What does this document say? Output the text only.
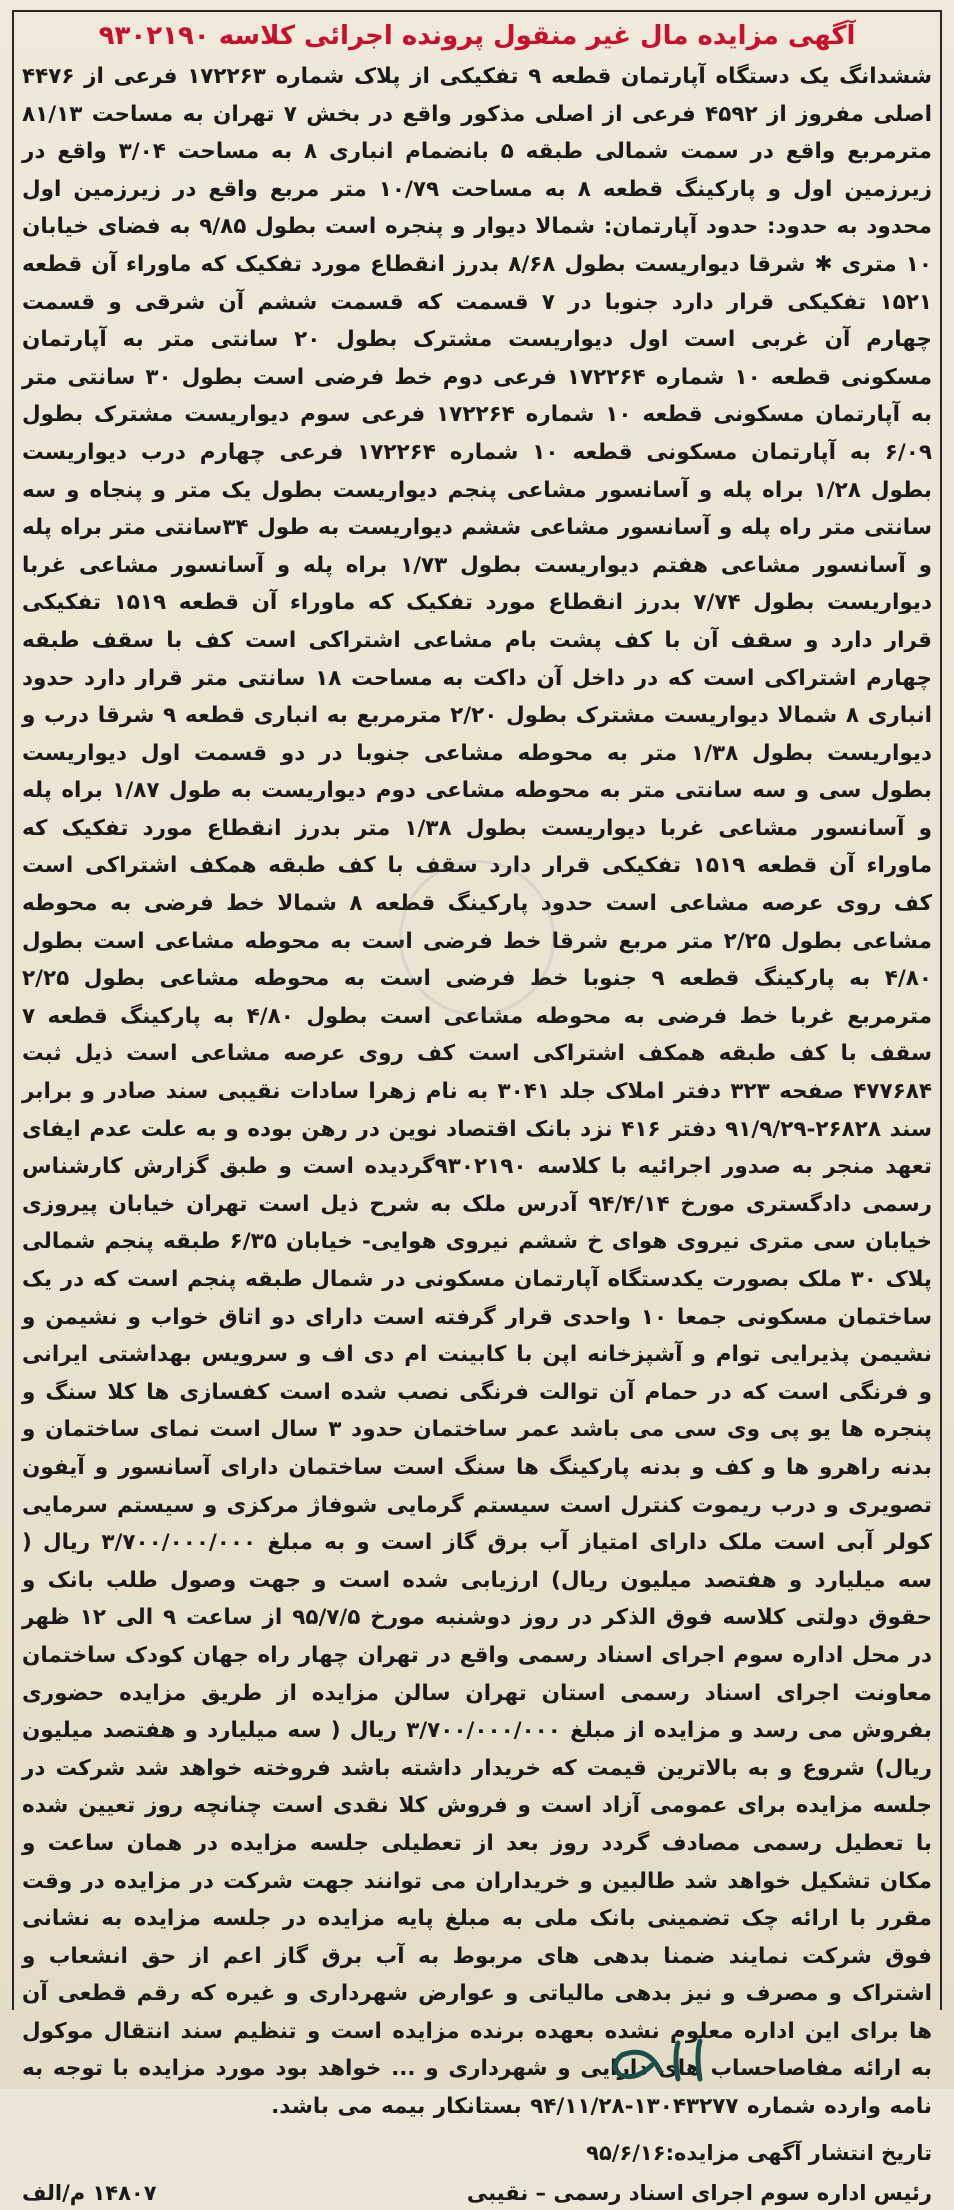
آگهی مزایده مال غیر منقول پرونده اجرائی کلاسه ۹۳۰۲۱۹۰

ششدانگ یک دستگاه آپارتمان قطعه ۹ تفکیکی از پلاک شماره ۱۷۲۲۶۳ فرعی از ۴۴۷۶ اصلی مفروز از ۴۵۹۲ فرعی از اصلی مذکور واقع در بخش ۷ تهران به مساحت ۸۱/۱۳ مترمربع واقع در سمت شمالی طبقه ۵ بانضمام انباری ۸ به مساحت ۳/۰۴ واقع در زیرزمین اول و پارکینگ قطعه ۸ به مساحت ۱۰/۷۹ متر مربع واقع در زیرزمین اول محدود به حدود: حدود آپارتمان: شمالا دیوار و پنجره است بطول ۹/۸۵ به فضای خیابان ۱۰ متری ✱ شرقا دیواریست بطول ۸/۶۸ بدرز انقطاع مورد تفکیک که ماوراء آن قطعه ۱۵۲۱ تفکیکی قرار دارد جنوبا در ۷ قسمت که قسمت ششم آن شرقی و قسمت چهارم آن غربی است اول دیواریست مشترک بطول ۲۰ سانتی متر به آپارتمان مسکونی قطعه ۱۰ شماره ۱۷۲۲۶۴ فرعی دوم خط فرضی است بطول ۳۰ سانتی متر به آپارتمان مسکونی قطعه ۱۰ شماره ۱۷۲۲۶۴ فرعی سوم دیواریست مشترک بطول ۶/۰۹ به آپارتمان مسکونی قطعه ۱۰ شماره ۱۷۲۲۶۴ فرعی چهارم درب دیواریست بطول ۱/۲۸ براه پله و آسانسور مشاعی پنجم دیواریست بطول یک متر و پنجاه و سه سانتی متر راه پله و آسانسور مشاعی ششم دیواریست به طول ۳۴سانتی متر براه پله و آسانسور مشاعی هفتم دیواریست بطول ۱/۷۳ براه پله و آسانسور مشاعی غربا دیواریست بطول ۷/۷۴ بدرز انقطاع مورد تفکیک که ماوراء آن قطعه ۱۵۱۹ تفکیکی قرار دارد و سقف آن با کف پشت بام مشاعی اشتراکی است کف با سقف طبقه چهارم اشتراکی است که در داخل آن داکت به مساحت ۱۸ سانتی متر قرار دارد حدود انباری ۸ شمالا دیواریست مشترک بطول ۲/۲۰ مترمربع به انباری قطعه ۹ شرقا درب و دیواریست بطول ۱/۳۸ متر به محوطه مشاعی جنوبا در دو قسمت اول دیواریست بطول سی و سه سانتی متر به محوطه مشاعی دوم دیواریست به طول ۱/۸۷ براه پله و آسانسور مشاعی غربا دیواریست بطول ۱/۳۸ متر بدرز انقطاع مورد تفکیک که ماوراء آن قطعه ۱۵۱۹ تفکیکی قرار دارد سقف با کف طبقه همکف اشتراکی است کف روی عرصه مشاعی است حدود پارکینگ قطعه ۸ شمالا خط فرضی به محوطه مشاعی بطول ۲/۲۵ متر مربع شرقا خط فرضی است به محوطه مشاعی است بطول ۴/۸۰ به پارکینگ قطعه ۹ جنوبا خط فرضی است به محوطه مشاعی بطول ۲/۲۵ مترمربع غربا خط فرضی به محوطه مشاعی است بطول ۴/۸۰ به پارکینگ قطعه ۷ سقف با کف طبقه همکف اشتراکی است کف روی عرصه مشاعی است ذیل ثبت ۴۷۷۶۸۴ صفحه ۳۲۳ دفتر املاک جلد ۳۰۴۱ به نام زهرا سادات نقیبی سند صادر و برابر سند ۲۶۸۲۸-۹۱/۹/۲۹ دفتر ۴۱۶ نزد بانک اقتصاد نوین در رهن بوده و به علت عدم ایفای تعهد منجر به صدور اجرائیه با کلاسه ۹۳۰۲۱۹۰گردیده است و طبق گزارش کارشناس رسمی دادگستری مورخ ۹۴/۴/۱۴ آدرس ملک به شرح ذیل است تهران خیابان پیروزی خیابان سی متری نیروی هوای خ ششم نیروی هوایی- خیابان ۶/۳۵ طبقه پنجم شمالی پلاک ۳۰ ملک بصورت یکدستگاه آپارتمان مسکونی در شمال طبقه پنجم است که در یک ساختمان مسکونی جمعا ۱۰ واحدی قرار گرفته است دارای دو اتاق خواب و نشیمن و نشیمن پذیرایی توام و آشپزخانه اپن با کابینت ام دی اف و سرویس بهداشتی ایرانی و فرنگی است که در حمام آن توالت فرنگی نصب شده است کفسازی ها کلا سنگ و پنجره ها یو پی وی سی می باشد عمر ساختمان حدود ۳ سال است نمای ساختمان و بدنه راهرو ها و کف و بدنه پارکینگ ها سنگ است ساختمان دارای آسانسور و آیفون تصویری و درب ریموت کنترل است سیستم گرمایی شوفاژ مرکزی و سیستم سرمایی کولر آبی است ملک دارای امتیاز آب برق گاز است و به مبلغ ۳/۷۰۰/۰۰۰/۰۰۰ ریال ( سه میلیارد و هفتصد میلیون ریال) ارزیابی شده است و جهت وصول طلب بانک و حقوق دولتی کلاسه فوق الذکر در روز دوشنبه مورخ ۹۵/۷/۵ از ساعت ۹ الی ۱۲ ظهر در محل اداره سوم اجرای اسناد رسمی واقع در تهران چهار راه جهان کودک ساختمان معاونت اجرای اسناد رسمی استان تهران سالن مزایده از طریق مزایده حضوری بفروش می رسد و مزایده از مبلغ ۳/۷۰۰/۰۰۰/۰۰۰ ریال ( سه میلیارد و هفتصد میلیون ریال) شروع و به بالاترین قیمت که خریدار داشته باشد فروخته خواهد شد شرکت در جلسه مزایده برای عمومی آزاد است و فروش کلا نقدی است چنانچه روز تعیین شده با تعطیل رسمی مصادف گردد روز بعد از تعطیلی جلسه مزایده در همان ساعت و مکان تشکیل خواهد شد طالبین و خریداران می توانند جهت شرکت در مزایده در وقت مقرر با ارائه چک تضمینی بانک ملی به مبلغ پایه مزایده در جلسه مزایده به نشانی فوق شرکت نمایند ضمنا بدهی های مربوط به آب برق گاز اعم از حق انشعاب و اشتراک و مصرف و نیز بدهی مالیاتی و عوارض شهرداری و غیره که رقم قطعی آن ها برای این اداره معلوم نشده بعهده برنده مزایده است و تنظیم سند انتقال موکول به ارائه مفاصاحساب های دارایی و شهرداری و ... خواهد بود مورد مزایده با توجه به نامه وارده شماره ۱۳۰۴۳۲۷۷-۹۴/۱۱/۲۸ بستانکار بیمه می باشد.

تاریخ انتشار آگهی مزایده:۹۵/۶/۱۶
رئیس اداره سوم اجرای اسناد رسمی – نقیبی
۱۴۸۰۷ م/الف
